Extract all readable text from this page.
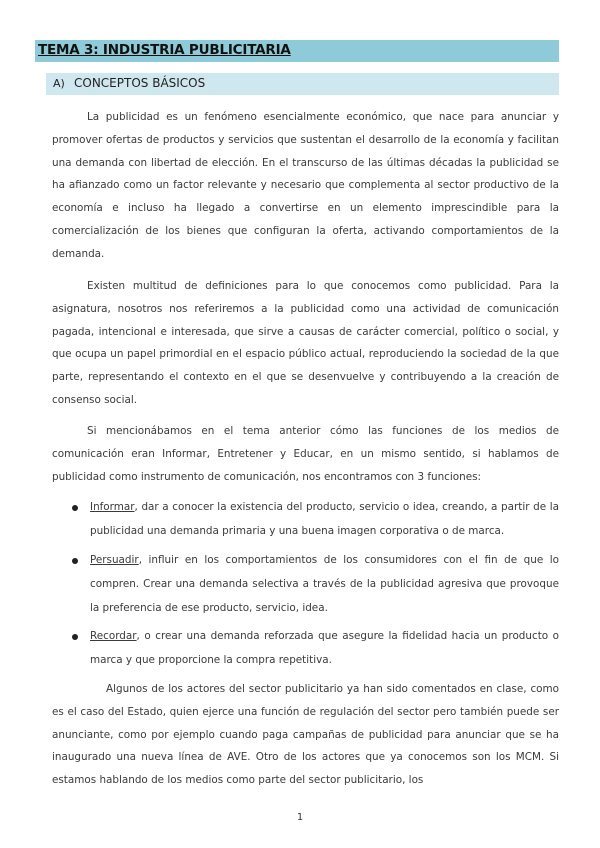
TEMA 3: INDUSTRIA PUBLICITARIA
A) CONCEPTOS BÁSICOS

La publicidad es un fenómeno esencialmente económico, que nace para anunciar y promover ofertas de productos y servicios que sustentan el desarrollo de la economía y facilitan una demanda con libertad de elección. En el transcurso de las últimas décadas la publicidad se ha afianzado como un factor relevante y necesario que complementa al sector productivo de la economía e incluso ha llegado a convertirse en un elemento imprescindible para la comercialización de los bienes que configuran la oferta, activando comportamientos de la demanda.

Existen multitud de definiciones para lo que conocemos como publicidad. Para la asignatura, nosotros nos referiremos a la publicidad como una actividad de comunicación pagada, intencional e interesada, que sirve a causas de carácter comercial, político o social, y que ocupa un papel primordial en el espacio público actual, reproduciendo la sociedad de la que parte, representando el contexto en el que se desenvuelve y contribuyendo a la creación de consenso social.

Si mencionábamos en el tema anterior cómo las funciones de los medios de comunicación eran Informar, Entretener y Educar, en un mismo sentido, si hablamos de publicidad como instrumento de comunicación, nos encontramos con 3 funciones:

Informar, dar a conocer la existencia del producto, servicio o idea, creando, a partir de la publicidad una demanda primaria y una buena imagen corporativa o de marca.

Persuadir, influir en los comportamientos de los consumidores con el fin de que lo compren. Crear una demanda selectiva a través de la publicidad agresiva que provoque la preferencia de ese producto, servicio, idea.

Recordar, o crear una demanda reforzada que asegure la fidelidad hacia un producto o marca y que proporcione la compra repetitiva.

Algunos de los actores del sector publicitario ya han sido comentados en clase, como es el caso del Estado, quien ejerce una función de regulación del sector pero también puede ser anunciante, como por ejemplo cuando paga campañas de publicidad para anunciar que se ha inaugurado una nueva línea de AVE. Otro de los actores que ya conocemos son los MCM. Si estamos hablando de los medios como parte del sector publicitario, los

1
